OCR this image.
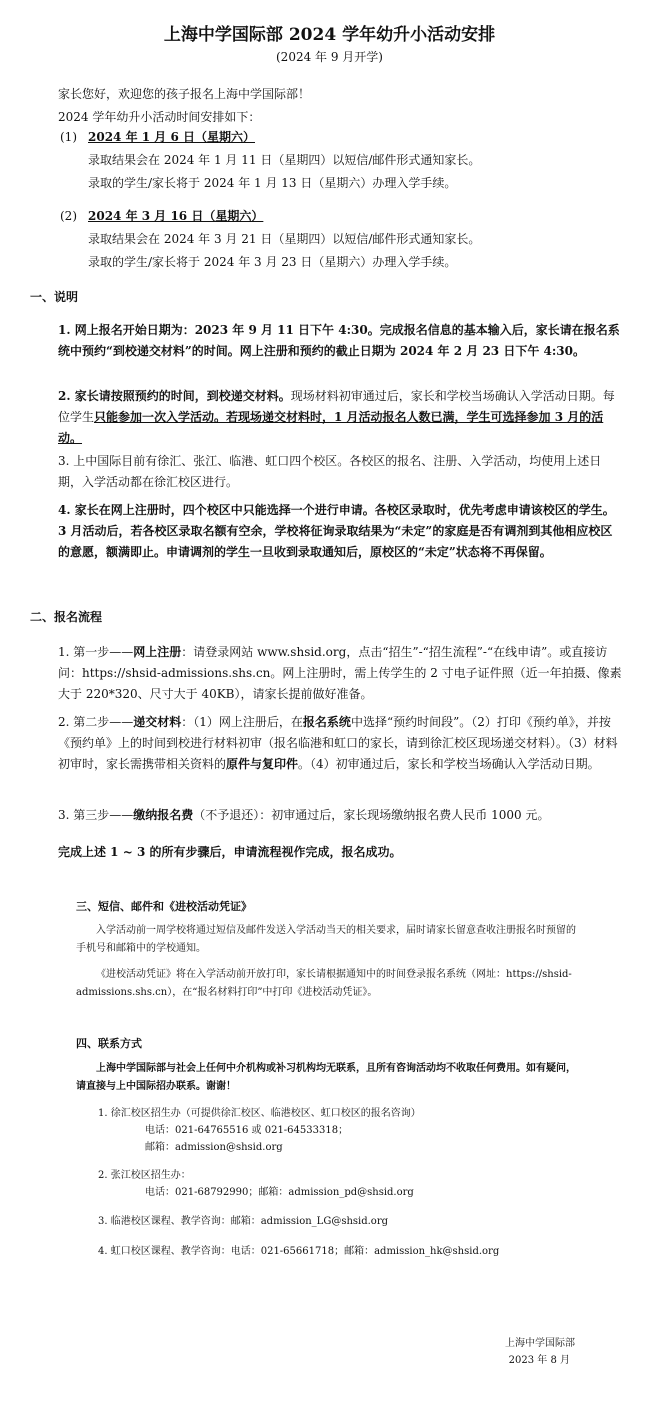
上海中学国际部 2024 学年幼升小活动安排

(2024 年 9 月开学)

家长您好，欢迎您的孩子报名上海中学国际部！

2024 学年幼升小活动时间安排如下：

(1) 2024 年 1 月 6 日（星期六）

录取结果会在 2024 年 1 月 11 日（星期四）以短信/邮件形式通知家长。

录取的学生/家长将于 2024 年 1 月 13 日（星期六）办理入学手续。

(2) 2024 年 3 月 16 日（星期六）

录取结果会在 2024 年 3 月 21 日（星期四）以短信/邮件形式通知家长。

录取的学生/家长将于 2024 年 3 月 23 日（星期六）办理入学手续。

一、说明

1. 网上报名开始日期为：2023 年 9 月 11 日下午 4:30。完成报名信息的基本输入后，家长请在报名系统中预约“到校递交材料”的时间。网上注册和预约的截止日期为 2024 年 2 月 23 日下午 4:30。

2. 家长请按照预约的时间，到校递交材料。现场材料初审通过后，家长和学校当场确认入学活动日期。每位学生只能参加一次入学活动。若现场递交材料时，1 月活动报名人数已满，学生可选择参加 3 月的活动。

3. 上中国际目前有徐汇、张江、临港、虹口四个校区。各校区的报名、注册、入学活动，均使用上述日期，入学活动都在徐汇校区进行。

4. 家长在网上注册时，四个校区中只能选择一个进行申请。各校区录取时，优先考虑申请该校区的学生。3 月活动后，若各校区录取名额有空余，学校将征询录取结果为“未定”的家庭是否有调剂到其他相应校区的意愿，额满即止。申请调剂的学生一旦收到录取通知后，原校区的“未定”状态将不再保留。

二、报名流程

1. 第一步——网上注册：请登录网站 www.shsid.org，点击“招生”-“招生流程”-“在线申请”。或直接访问：https://shsid-admissions.shs.cn。网上注册时，需上传学生的 2 寸电子证件照（近一年拍摄、像素大于 220*320、尺寸大于 40KB），请家长提前做好准备。

2. 第二步——递交材料：（1）网上注册后，在报名系统中选择“预约时间段”。（2）打印《预约单》，并按《预约单》上的时间到校进行材料初审（报名临港和虹口的家长，请到徐汇校区现场递交材料）。（3）材料初审时，家长需携带相关资料的原件与复印件。（4）初审通过后，家长和学校当场确认入学活动日期。

3. 第三步——缴纳报名费（不予退还）：初审通过后，家长现场缴纳报名费人民币 1000 元。

完成上述 1 ~ 3 的所有步骤后，申请流程视作完成，报名成功。

三、短信、邮件和《进校活动凭证》

入学活动前一周学校将通过短信及邮件发送入学活动当天的相关要求，届时请家长留意查收注册报名时预留的手机号和邮箱中的学校通知。

《进校活动凭证》将在入学活动前开放打印，家长请根据通知中的时间登录报名系统（网址：https://shsid-admissions.shs.cn），在“报名材料打印”中打印《进校活动凭证》。

四、联系方式

上海中学国际部与社会上任何中介机构或补习机构均无联系，且所有咨询活动均不收取任何费用。如有疑问，请直接与上中国际招办联系。谢谢！

1. 徐汇校区招生办（可提供徐汇校区、临港校区、虹口校区的报名咨询）

电话：021-64765516 或 021-64533318；

邮箱：admission@shsid.org

2. 张江校区招生办：

电话：021-68792990；邮箱：admission_pd@shsid.org

3. 临港校区课程、教学咨询：邮箱：admission_LG@shsid.org

4. 虹口校区课程、教学咨询：电话：021-65661718；邮箱：admission_hk@shsid.org

上海中学国际部

2023 年 8 月
